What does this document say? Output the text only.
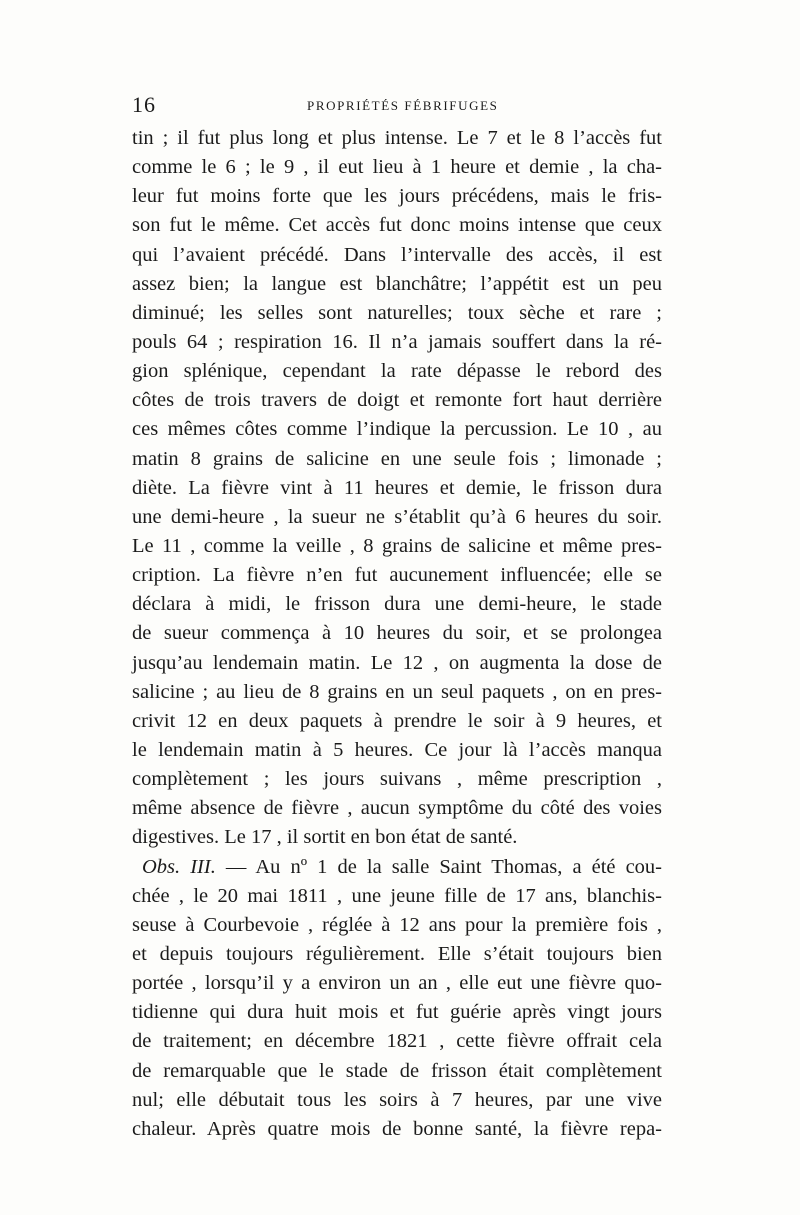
16	PROPRIÉTÉS FÉBRIFUGES
tin ; il fut plus long et plus intense. Le 7 et le 8 l’accès fut
comme le 6 ; le 9 , il eut lieu à 1 heure et demie , la cha-
leur fut moins forte que les jours précédens, mais le fris-
son fut le même. Cet accès fut donc moins intense que ceux
qui l’avaient précédé. Dans l’intervalle des accès, il est
assez bien; la langue est blanchâtre; l’appétit est un peu
diminué; les selles sont naturelles; toux sèche et rare ;
pouls 64 ; respiration 16. Il n’a jamais souffert dans la ré-
gion splénique, cependant la rate dépasse le rebord des
côtes de trois travers de doigt et remonte fort haut derrière
ces mêmes côtes comme l’indique la percussion. Le 10 , au
matin 8 grains de salicine en une seule fois ; limonade ;
diète. La fièvre vint à 11 heures et demie, le frisson dura
une demi-heure , la sueur ne s’établit qu’à 6 heures du soir.
Le 11 , comme la veille , 8 grains de salicine et même pres-
cription. La fièvre n’en fut aucunement influencée; elle se
déclara à midi, le frisson dura une demi-heure, le stade
de sueur commença à 10 heures du soir, et se prolongea
jusqu’au lendemain matin. Le 12 , on augmenta la dose de
salicine ; au lieu de 8 grains en un seul paquets , on en pres-
crivit 12 en deux paquets à prendre le soir à 9 heures, et
le lendemain matin à 5 heures. Ce jour là l’accès manqua
complètement ; les jours suivans , même prescription ,
même absence de fièvre , aucun symptôme du côté des voies
digestives. Le 17 , il sortit en bon état de santé.
Obs. III. — Au nº 1 de la salle Saint Thomas, a été cou-
chée , le 20 mai 1811 , une jeune fille de 17 ans, blanchis-
seuse à Courbevoie , réglée à 12 ans pour la première fois ,
et depuis toujours régulièrement. Elle s’était toujours bien
portée , lorsqu’il y a environ un an , elle eut une fièvre quo-
tidienne qui dura huit mois et fut guérie après vingt jours
de traitement; en décembre 1821 , cette fièvre offrait cela
de remarquable que le stade de frisson était complètement
nul; elle débutait tous les soirs à 7 heures, par une vive
chaleur. Après quatre mois de bonne santé, la fièvre repa-
